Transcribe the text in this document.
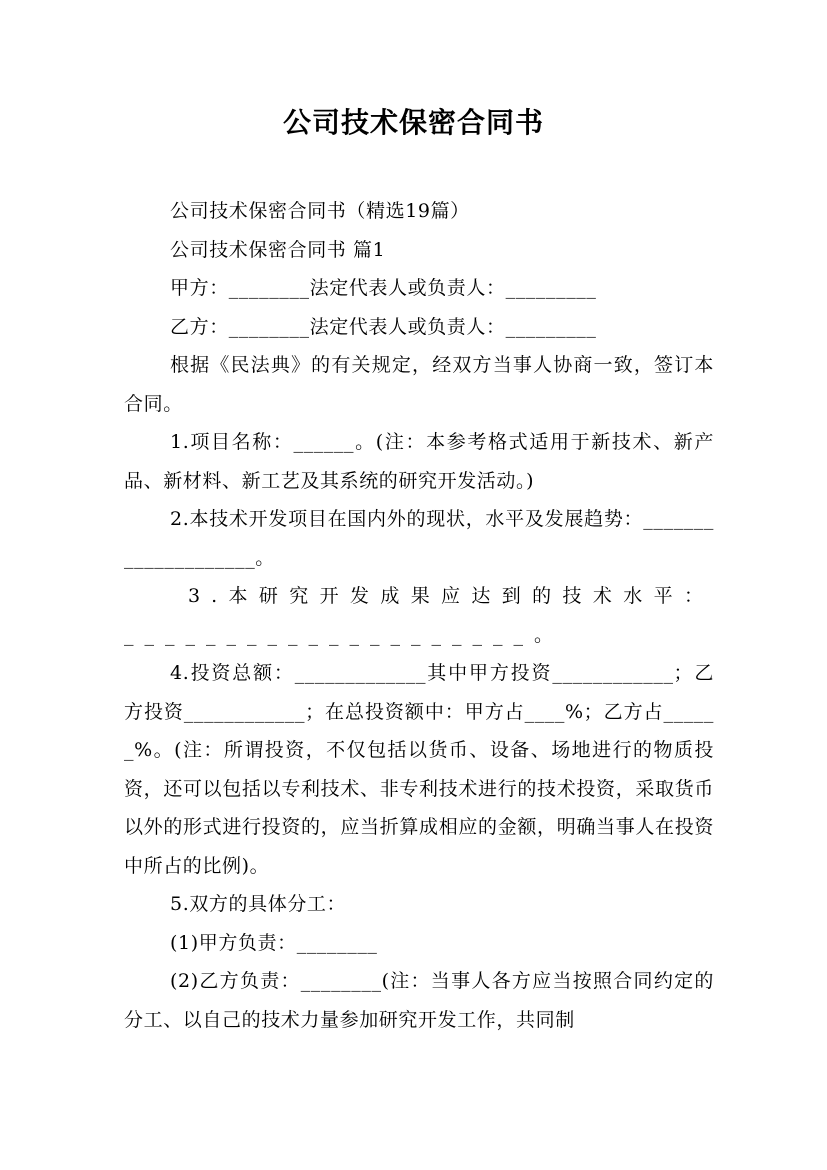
公司技术保密合同书

公司技术保密合同书（精选19篇）

公司技术保密合同书 篇1

甲方：________法定代表人或负责人：_________

乙方：________法定代表人或负责人：_________

根据《民法典》的有关规定，经双方当事人协商一致，签订本合同。

1.项目名称：______。(注：本参考格式适用于新技术、新产品、新材料、新工艺及其系统的研究开发活动。)

2.本技术开发项目在国内外的现状，水平及发展趋势：____________________。

3.本研究开发成果应达到的技术水平：____________________。

4.投资总额：_____________其中甲方投资____________；乙方投资____________；在总投资额中：甲方占____%；乙方占______%。(注：所谓投资，不仅包括以货币、设备、场地进行的物质投资，还可以包括以专利技术、非专利技术进行的技术投资，采取货币以外的形式进行投资的，应当折算成相应的金额，明确当事人在投资中所占的比例)。

5.双方的具体分工：

(1)甲方负责：________

(2)乙方负责：________(注：当事人各方应当按照合同约定的分工、以自己的技术力量参加研究开发工作，共同制
